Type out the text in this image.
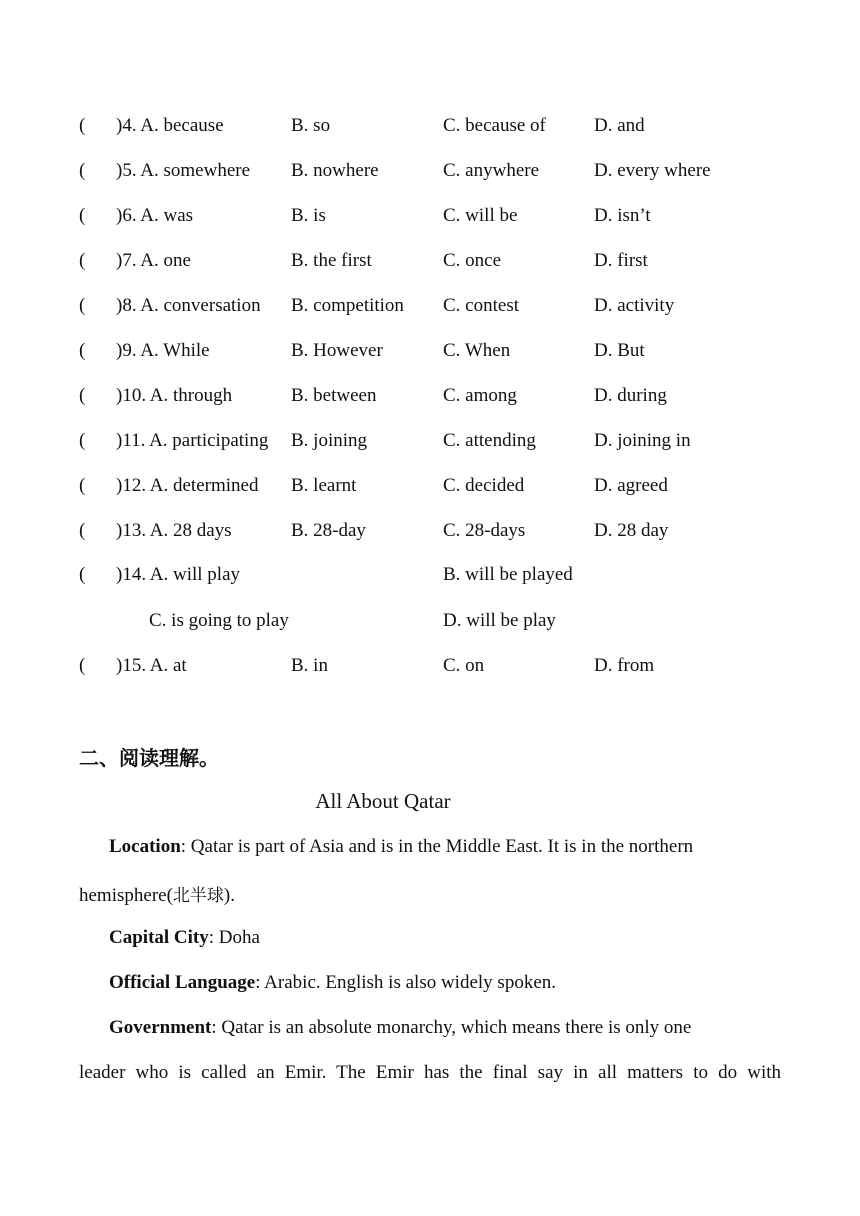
( )4. A. because	B. so	C. because of	D. and
( )5. A. somewhere B. nowhere	C. anywhere	D. every where
( )6. A. was	B. is	C. will be	D. isn’t
( )7. A. one	B. the first	C. once	D. first
( )8. A. conversation B. competition C. contest	D. activity
( )9. A. While	B. However	C. When	D. But
( )10. A. through	B. between	C. among	D. during
( )11. A. participating B. joining	C. attending	D. joining in
( )12. A. determined B. learnt	C. decided	D. agreed
( )13. A. 28 days	B. 28-day	C. 28-days	D. 28 day
( )14. A. will play	B. will be played
C. is going to play	D. will be play
( )15. A. at	B. in	C. on	D. from
二、阅读理解。
All About Qatar
Location: Qatar is part of Asia and is in the Middle East. It is in the northern
hemisphere(北半球).
Capital City: Doha
Official Language: Arabic. English is also widely spoken.
Government: Qatar is an absolute monarchy, which means there is only one
leader who is called an Emir. The Emir has the final say in all matters to do with
